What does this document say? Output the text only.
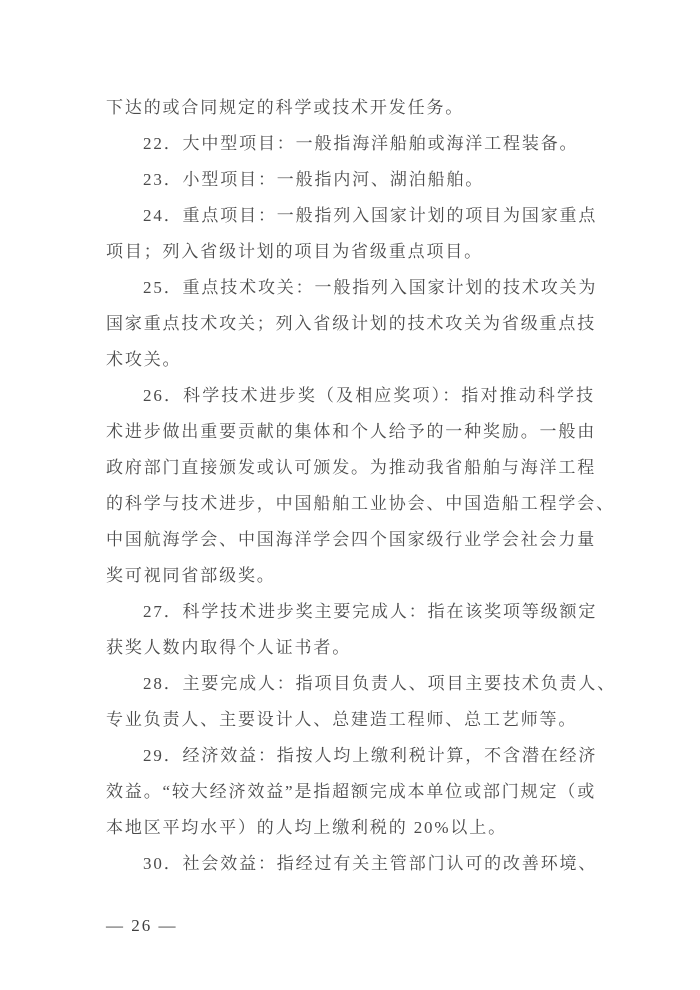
下达的或合同规定的科学或技术开发任务。
22．大中型项目：一般指海洋船舶或海洋工程装备。
23．小型项目：一般指内河、湖泊船舶。
24．重点项目：一般指列入国家计划的项目为国家重点
项目；列入省级计划的项目为省级重点项目。
25．重点技术攻关：一般指列入国家计划的技术攻关为
国家重点技术攻关；列入省级计划的技术攻关为省级重点技
术攻关。
26．科学技术进步奖（及相应奖项）：指对推动科学技
术进步做出重要贡献的集体和个人给予的一种奖励。一般由
政府部门直接颁发或认可颁发。为推动我省船舶与海洋工程
的科学与技术进步，中国船舶工业协会、中国造船工程学会、
中国航海学会、中国海洋学会四个国家级行业学会社会力量
奖可视同省部级奖。
27．科学技术进步奖主要完成人：指在该奖项等级额定
获奖人数内取得个人证书者。
28．主要完成人：指项目负责人、项目主要技术负责人、
专业负责人、主要设计人、总建造工程师、总工艺师等。
29．经济效益：指按人均上缴利税计算，不含潜在经济
效益。“较大经济效益”是指超额完成本单位或部门规定（或
本地区平均水平）的人均上缴利税的 20%以上。
30．社会效益：指经过有关主管部门认可的改善环境、
— 26 —
